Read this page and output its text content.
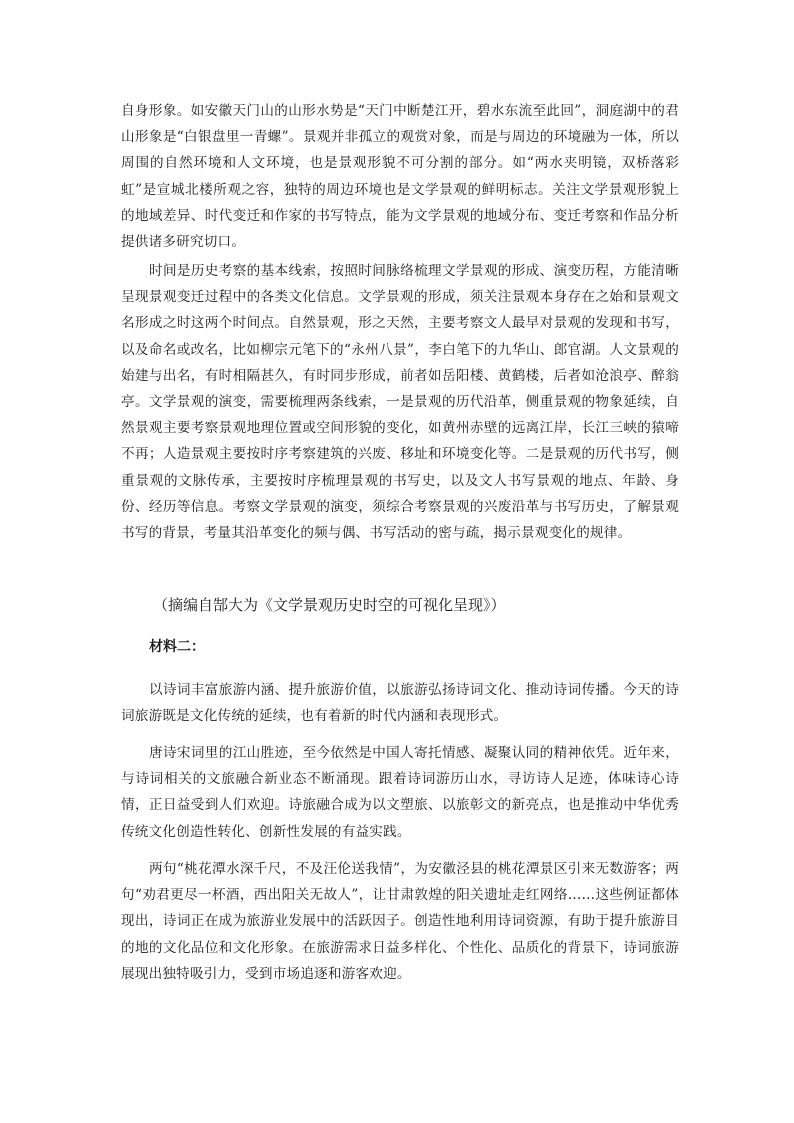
自身形象。如安徽天门山的山形水势是“天门中断楚江开，碧水东流至此回”，洞庭湖中的君山形象是“白银盘里一青螺”。景观并非孤立的观赏对象，而是与周边的环境融为一体，所以周围的自然环境和人文环境，也是景观形貌不可分割的部分。如“两水夹明镜，双桥落彩虹”是宣城北楼所观之容，独特的周边环境也是文学景观的鲜明标志。关注文学景观形貌上的地域差异、时代变迁和作家的书写特点，能为文学景观的地域分布、变迁考察和作品分析提供诸多研究切口。

时间是历史考察的基本线索，按照时间脉络梳理文学景观的形成、演变历程，方能清晰呈现景观变迁过程中的各类文化信息。文学景观的形成，须关注景观本身存在之始和景观文名形成之时这两个时间点。自然景观，形之天然，主要考察文人最早对景观的发现和书写，以及命名或改名，比如柳宗元笔下的“永州八景”，李白笔下的九华山、郎官湖。人文景观的始建与出名，有时相隔甚久，有时同步形成，前者如岳阳楼、黄鹤楼，后者如沧浪亭、醉翁亭。文学景观的演变，需要梳理两条线索，一是景观的历代沿革，侧重景观的物象延续，自然景观主要考察景观地理位置或空间形貌的变化，如黄州赤壁的远离江岸，长江三峡的猿啼不再；人造景观主要按时序考察建筑的兴废、移址和环境变化等。二是景观的历代书写，侧重景观的文脉传承，主要按时序梳理景观的书写史，以及文人书写景观的地点、年龄、身份、经历等信息。考察文学景观的演变，须综合考察景观的兴废沿革与书写历史，了解景观书写的背景，考量其沿革变化的频与偶、书写活动的密与疏，揭示景观变化的规律。

（摘编自郜大为《文学景观历史时空的可视化呈现》）

材料二：

以诗词丰富旅游内涵、提升旅游价值，以旅游弘扬诗词文化、推动诗词传播。今天的诗词旅游既是文化传统的延续，也有着新的时代内涵和表现形式。

唐诗宋词里的江山胜迹，至今依然是中国人寄托情感、凝聚认同的精神依凭。近年来，与诗词相关的文旅融合新业态不断涌现。跟着诗词游历山水，寻访诗人足迹，体味诗心诗情，正日益受到人们欢迎。诗旅融合成为以文塑旅、以旅彰文的新亮点，也是推动中华优秀传统文化创造性转化、创新性发展的有益实践。

两句“桃花潭水深千尺，不及汪伦送我情”，为安徽泾县的桃花潭景区引来无数游客；两句“劝君更尽一杯酒，西出阳关无故人”，让甘肃敦煌的阳关遗址走红网络……这些例证都体现出，诗词正在成为旅游业发展中的活跃因子。创造性地利用诗词资源，有助于提升旅游目的地的文化品位和文化形象。在旅游需求日益多样化、个性化、品质化的背景下，诗词旅游展现出独特吸引力，受到市场追逐和游客欢迎。
